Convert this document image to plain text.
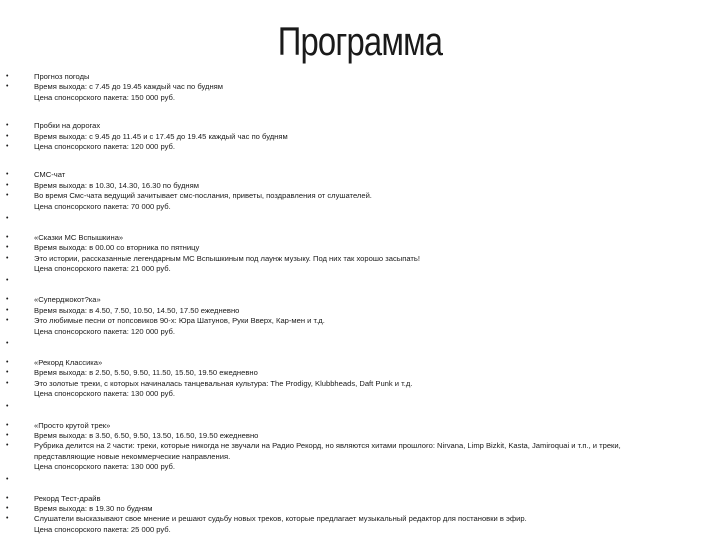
Программа
•	Прогноз погоды
•	Время выхода: с 7.45 до 19.45 каждый час по будням
Цена спонсорского пакета: 150 000 руб.
•	Пробки на дорогах
•	Время выхода: с 9.45 до 11.45 и с 17.45 до 19.45 каждый час по будням
•	Цена спонсорского пакета: 120 000 руб.
•	СМС-чат
•	Время выхода: в 10.30, 14.30, 16.30 по будням
•	Во время Смс-чата ведущий зачитывает смс-послания, приветы, поздравления от слушателей.
Цена спонсорского пакета: 70 000 руб.
•
•	«Сказки МС Вспышкина»
•	Время выхода: в 00.00 со вторника по пятницу
•	Это истории, рассказанные легендарным МС Вспышкиным под лаунж музыку. Под них так хорошо засыпать!
Цена спонсорского пакета: 21 000 руб.
•
•	«Суперджокот?ка»
•	Время выхода: в 4.50, 7.50, 10.50, 14.50, 17.50 ежедневно
•	Это любимые песни от попсовиков 90-х: Юра Шатунов, Руки Вверх, Кар-мен и т.д.
Цена спонсорского пакета: 120 000 руб.
•
•	«Рекорд Классика»
•	Время выхода: в 2.50, 5.50, 9.50, 11.50, 15.50, 19.50 ежедневно
•	Это золотые треки, с которых начиналась танцевальная культура: The Prodigy, Klubbheads, Daft Punk и т.д.
Цена спонсорского пакета: 130 000 руб.
•
•	«Просто крутой трек»
•	Время выхода: в 3.50, 6.50, 9.50, 13.50, 16.50, 19.50 ежедневно
•	Рубрика делится на 2 части: треки, которые никогда не звучали на Радио Рекорд, но являются хитами прошлого: Nirvana, Limp Bizkit, Kasta, Jamiroquai и т.п., и треки, представляющие новые некоммерческие направления.
Цена спонсорского пакета: 130 000 руб.
•
•	Рекорд Тест-драйв
•	Время выхода: в 19.30 по будням
•	Слушатели высказывают свое мнение и решают судьбу новых треков, которые предлагает музыкальный редактор для постановки в эфир.
Цена спонсорского пакета: 25 000 руб.
